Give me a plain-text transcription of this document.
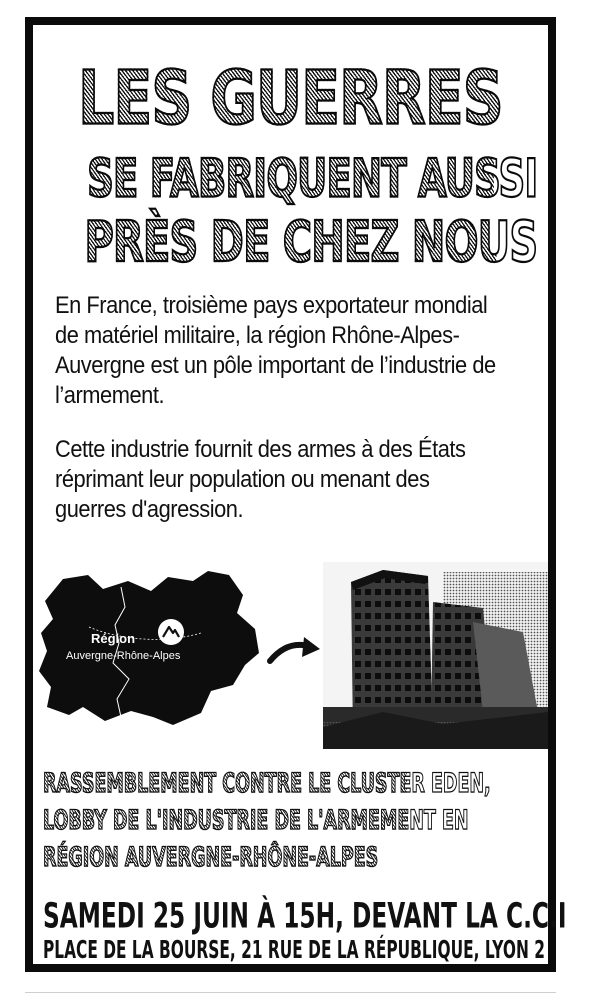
LES GUERRES
SE FABRIQUENT AUSSI
PRÈS DE CHEZ NOUS

En France, troisième pays exportateur mondial de matériel militaire, la région Rhône-Alpes-Auvergne est un pôle important de l’industrie de l’armement.

Cette industrie fournit des armes à des États réprimant leur population ou menant des guerres d'agression.

Région
Auvergne-Rhône-Alpes
RASSEMBLEMENT CONTRE LE CLUSTER EDEN,
LOBBY DE L'INDUSTRIE DE L'ARMEMENT EN
RÉGION AUVERGNE-RHÔNE-ALPES
SAMEDI 25 JUIN À 15H, DEVANT LA C.C.I
PLACE DE LA BOURSE, 21 RUE DE LA RÉPUBLIQUE, LYON 2
